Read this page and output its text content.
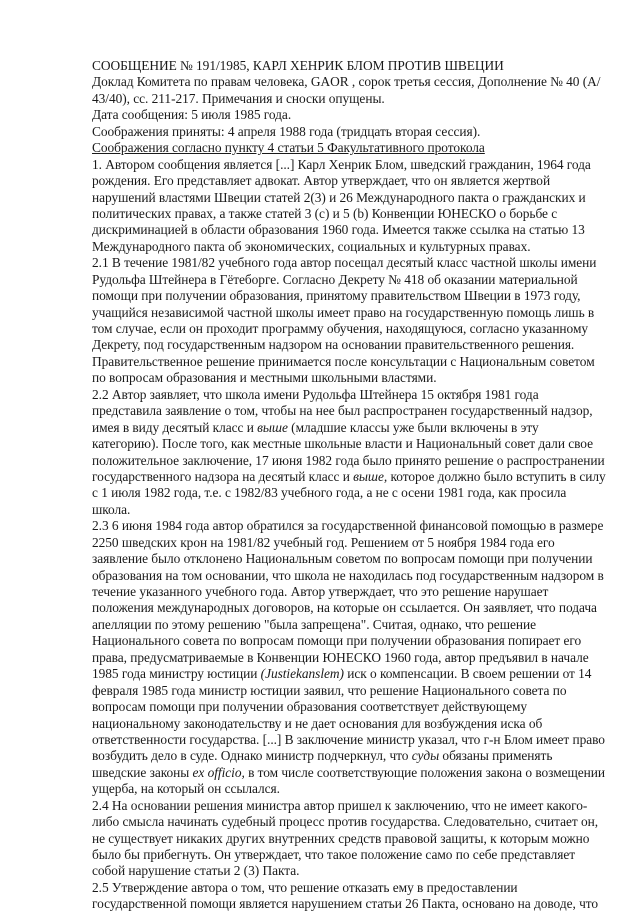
СООБЩЕНИЕ № 191/1985, КАРЛ ХЕНРИК БЛОМ ПРОТИВ ШВЕЦИИ
Доклад Комитета по правам человека, GAOR , сорок третья сессия, Дополнение № 40 (A/
43/40), сс. 211-217. Примечания и сноски опущены.
Дата сообщения: 5 июля 1985 года.
Соображения приняты: 4 апреля 1988 года (тридцать вторая сессия).
Соображения согласно пункту 4 статьи 5 Факультативного протокола
1. Автором сообщения является [...] Карл Хенрик Блом, шведский гражданин, 1964 года
рождения. Его представляет адвокат. Автор утверждает, что он является жертвой
нарушений властями Швеции статей 2(3) и 26 Международного пакта о гражданских и
политических правах, а также статей 3 (c) и 5 (b) Конвенции ЮНЕСКО о борьбе с
дискриминацией в области образования 1960 года. Имеется также ссылка на статью 13
Международного пакта об экономических, социальных и культурных правах.
2.1 В течение 1981/82 учебного года автор посещал десятый класс частной школы имени
Рудольфа Штейнера в Гётеборге. Согласно Декрету № 418 об оказании материальной
помощи при получении образования, принятому правительством Швеции в 1973 году,
учащийся независимой частной школы имеет право на государственную помощь лишь в
том случае, если он проходит программу обучения, находящуюся, согласно указанному
Декрету, под государственным надзором на основании правительственного решения.
Правительственное решение принимается после консультации с Национальным советом
по вопросам образования и местными школьными властями.
2.2 Автор заявляет, что школа имени Рудольфа Штейнера 15 октября 1981 года
представила заявление о том, чтобы на нее был распространен государственный надзор,
имея в виду десятый класс и выше (младшие классы уже были включены в эту
категорию). После того, как местные школьные власти и Национальный совет дали свое
положительное заключение, 17 июня 1982 года было принято решение о распространении
государственного надзора на десятый класс и выше, которое должно было вступить в силу
с 1 июля 1982 года, т.е. с 1982/83 учебного года, а не с осени 1981 года, как просила
школа.
2.3 6 июня 1984 года автор обратился за государственной финансовой помощью в размере
2250 шведских крон на 1981/82 учебный год. Решением от 5 ноября 1984 года его
заявление было отклонено Национальным советом по вопросам помощи при получении
образования на том основании, что школа не находилась под государственным надзором в
течение указанного учебного года. Автор утверждает, что это решение нарушает
положения международных договоров, на которые он ссылается. Он заявляет, что подача
апелляции по этому решению "была запрещена". Считая, однако, что решение
Национального совета по вопросам помощи при получении образования попирает его
права, предусматриваемые в Конвенции ЮНЕСКО 1960 года, автор предъявил в начале
1985 года министру юстиции (Justiekanslem) иск о компенсации. В своем решении от 14
февраля 1985 года министр юстиции заявил, что решение Национального совета по
вопросам помощи при получении образования соответствует действующему
национальному законодательству и не дает основания для возбуждения иска об
ответственности государства. [...] В заключение министр указал, что г-н Блом имеет право
возбудить дело в суде. Однако министр подчеркнул, что суды обязаны применять
шведские законы ex officio, в том числе соответствующие положения закона о возмещении
ущерба, на который он ссылался.
2.4 На основании решения министра автор пришел к заключению, что не имеет какого-
либо смысла начинать судебный процесс против государства. Следовательно, считает он,
не существует никаких других внутренних средств правовой защиты, к которым можно
было бы прибегнуть. Он утверждает, что такое положение само по себе представляет
собой нарушение статьи 2 (3) Пакта.
2.5 Утверждение автора о том, что решение отказать ему в предоставлении
государственной помощи является нарушением статьи 26 Пакта, основано на доводе, что
